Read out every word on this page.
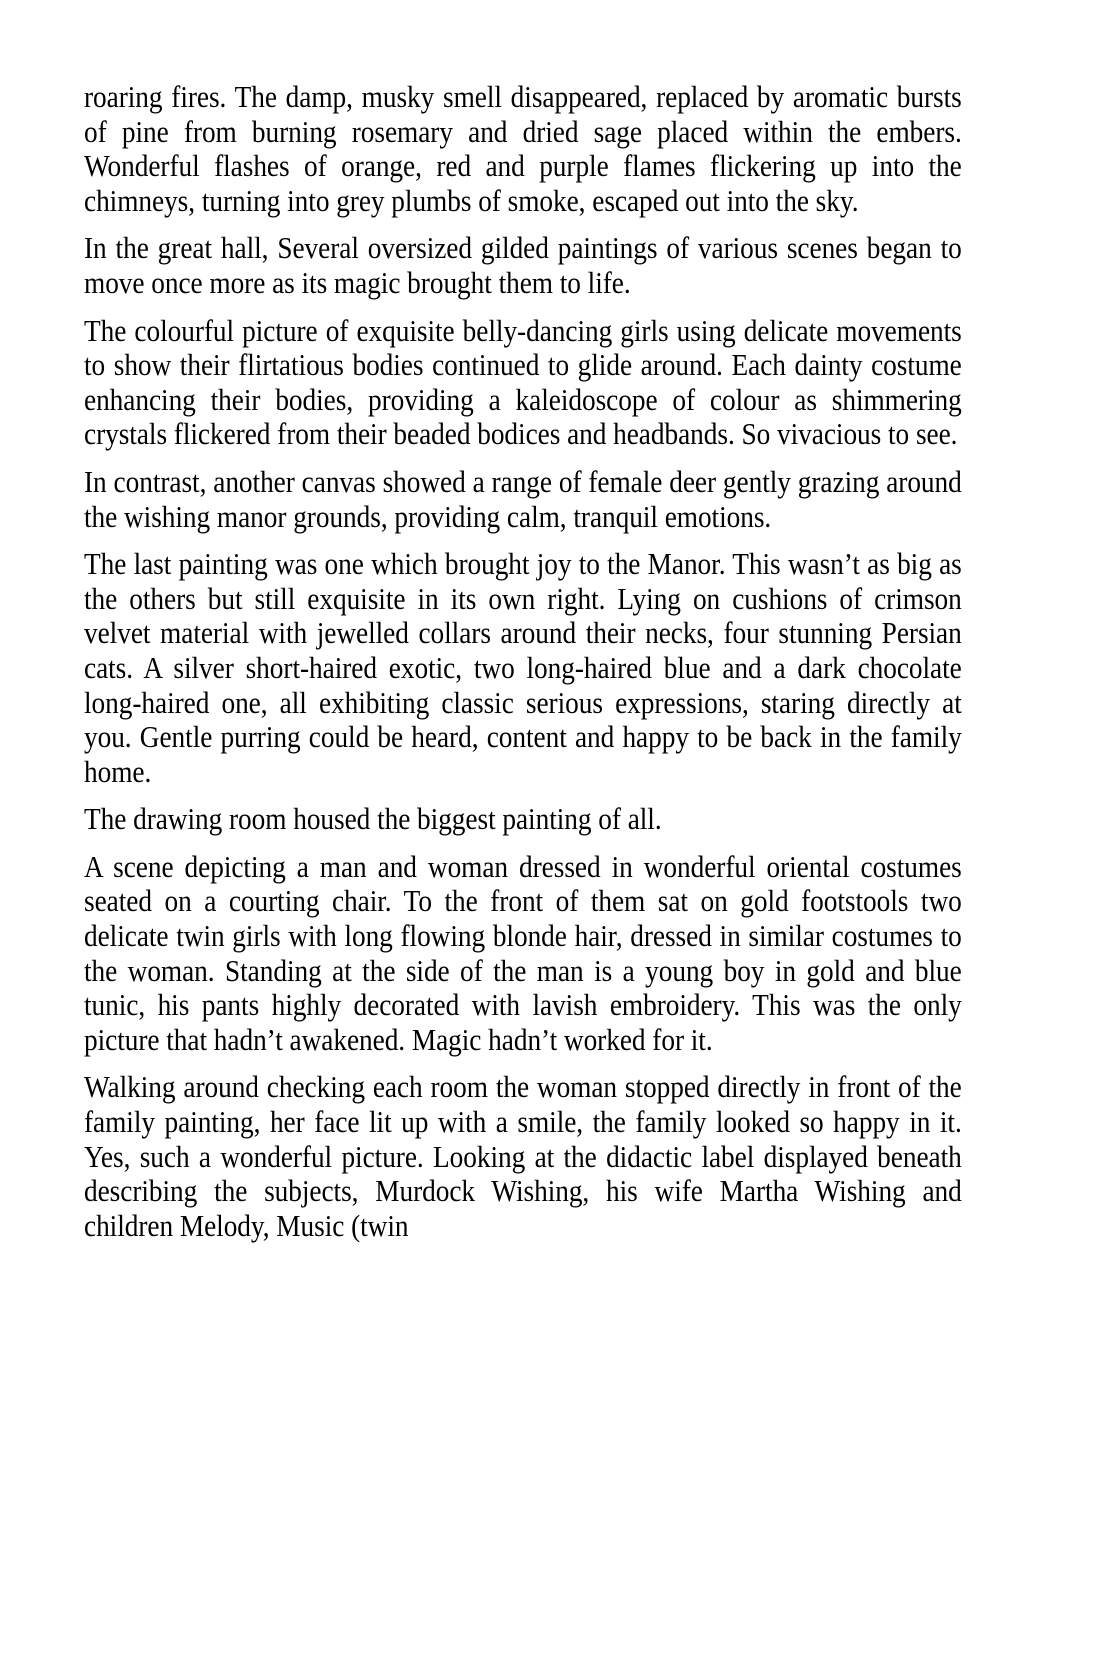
roaring fires. The damp, musky smell disappeared, replaced by aromatic bursts of pine from burning rosemary and dried sage placed within the embers. Wonderful flashes of orange, red and purple flames flickering up into the chimneys, turning into grey plumbs of smoke, escaped out into the sky.

In the great hall, Several oversized gilded paintings of various scenes began to move once more as its magic brought them to life.

The colourful picture of exquisite belly-dancing girls using delicate movements to show their flirtatious bodies continued to glide around. Each dainty costume enhancing their bodies, providing a kaleidoscope of colour as shimmering crystals flickered from their beaded bodices and headbands. So vivacious to see.

In contrast, another canvas showed a range of female deer gently grazing around the wishing manor grounds, providing calm, tranquil emotions.

The last painting was one which brought joy to the Manor. This wasn’t as big as the others but still exquisite in its own right. Lying on cushions of crimson velvet material with jewelled collars around their necks, four stunning Persian cats. A silver short-haired exotic, two long-haired blue and a dark chocolate long-haired one, all exhibiting classic serious expressions, staring directly at you. Gentle purring could be heard, content and happy to be back in the family home.

The drawing room housed the biggest painting of all.

A scene depicting a man and woman dressed in wonderful oriental costumes seated on a courting chair. To the front of them sat on gold footstools two delicate twin girls with long flowing blonde hair, dressed in similar costumes to the woman. Standing at the side of the man is a young boy in gold and blue tunic, his pants highly decorated with lavish embroidery. This was the only picture that hadn’t awakened. Magic hadn’t worked for it.

Walking around checking each room the woman stopped directly in front of the family painting, her face lit up with a smile, the family looked so happy in it. Yes, such a wonderful picture. Looking at the didactic label displayed beneath describing the subjects, Murdock Wishing, his wife Martha Wishing and children Melody, Music (twin
